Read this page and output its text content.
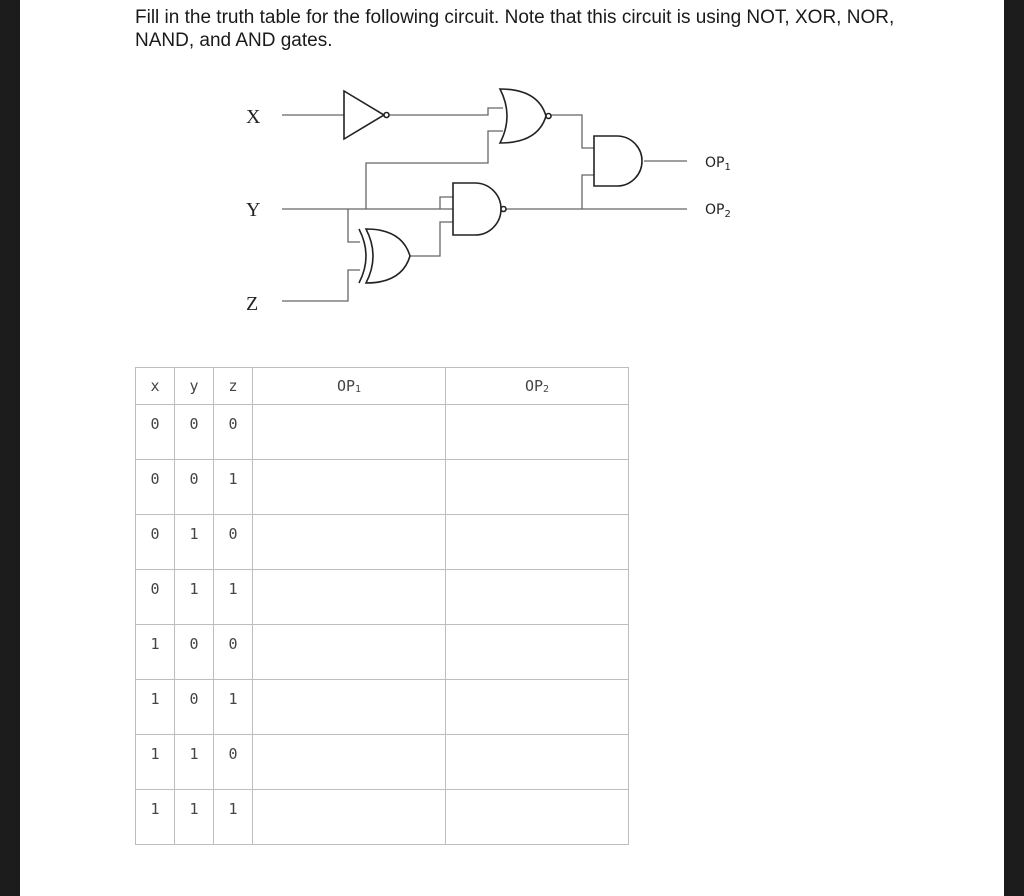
Fill in the truth table for the following circuit. Note that this circuit is using NOT, XOR, NOR, NAND, and AND gates.

X
Y
Z
OP1
OP2
x	y	z	$OP_1$	$OP_2$
0	0	0		
0	0	1		
0	1	0		
0	1	1		
1	0	0		
1	0	1		
1	1	0		
1	1	1		
